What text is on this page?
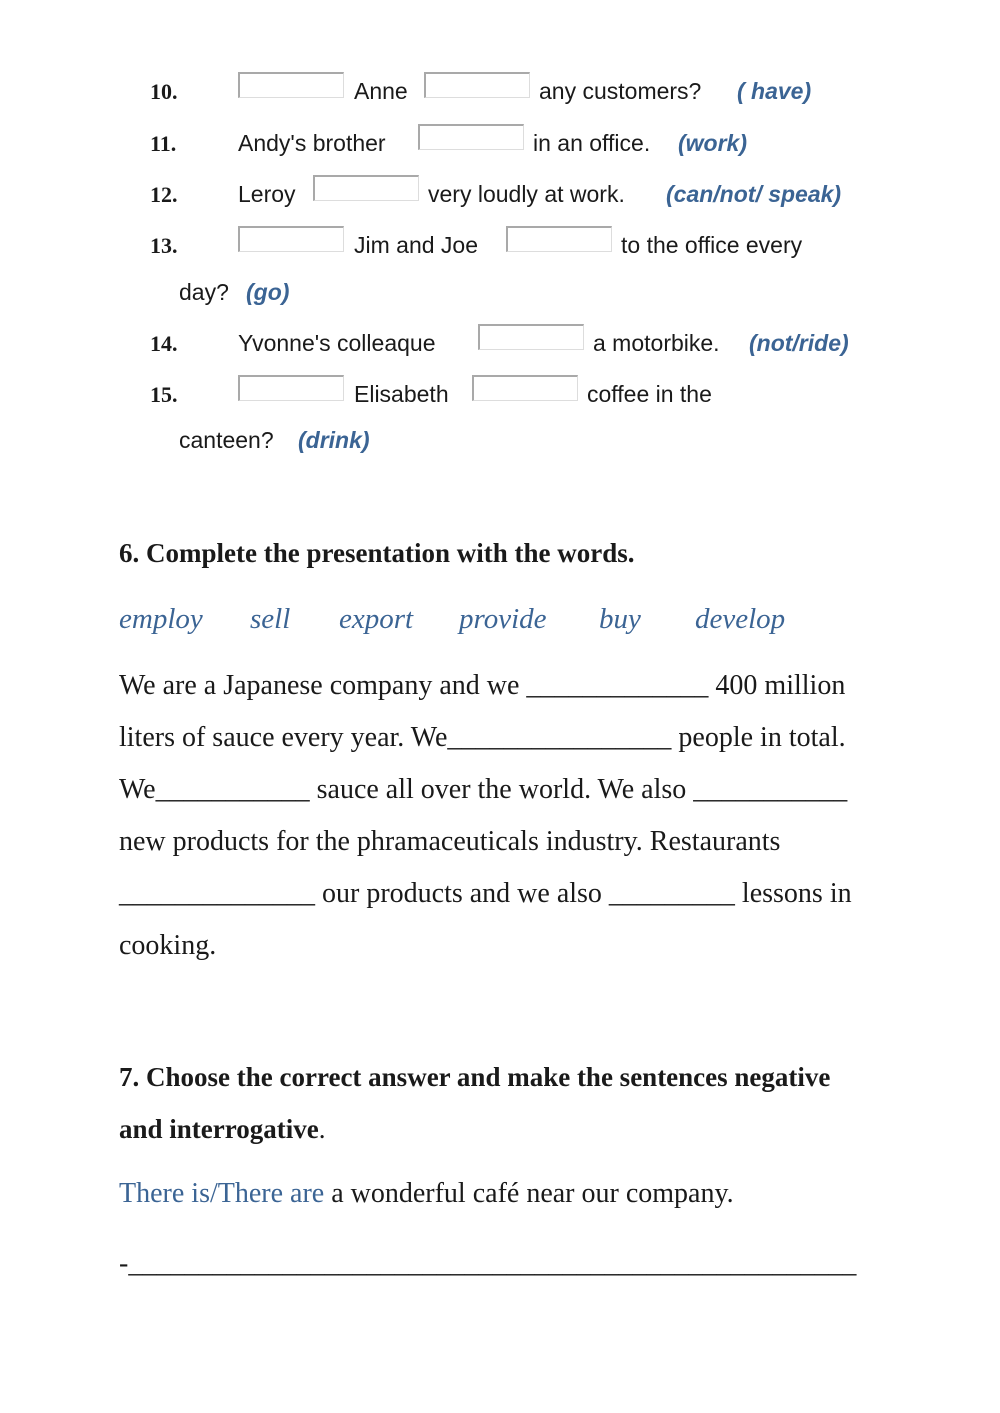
10.	Anne	any customers? ( have)
11.	Andy's brother	in an office. (work)
12.	Leroy	very loudly at work. (can/not/ speak)
13.	Jim and Joe	to the office every
day? (go)
14.	Yvonne's colleaque	a motorbike. (not/ride)
15.	Elisabeth	coffee in the
canteen? (drink)
6. Complete the presentation with the words.
employ sell export provide buy develop
We are a Japanese company and we _____________ 400 million
liters of sauce every year. We________________ people in total.
We___________ sauce all over the world. We also ___________
new products for the phramaceuticals industry. Restaurants
______________ our products and we also _________ lessons in
cooking.
7. Choose the correct answer and make the sentences negative
and interrogative.
There is/There are a wonderful café near our company.
-____________________________________________________
